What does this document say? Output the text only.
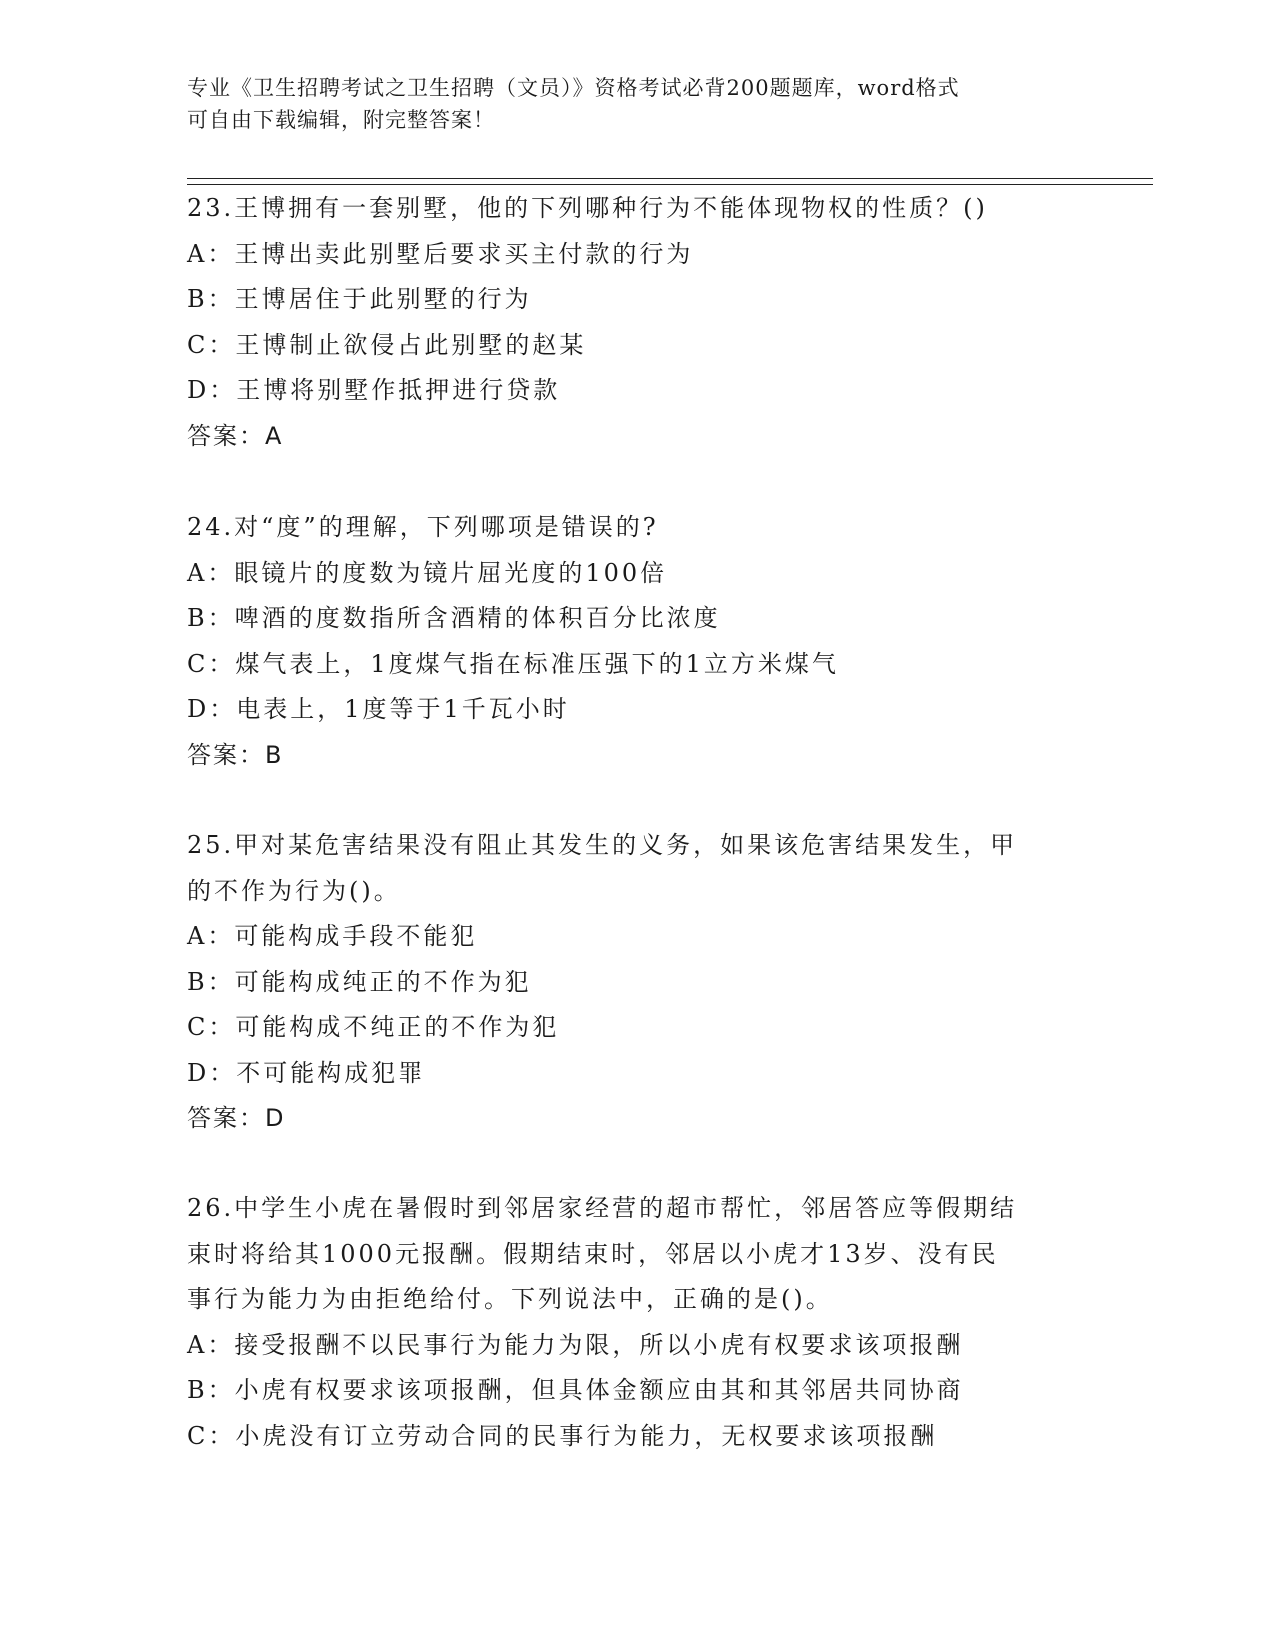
专业《卫生招聘考试之卫生招聘（文员）》资格考试必背200题题库，word格式
可自由下载编辑，附完整答案！
23.王博拥有一套别墅，他的下列哪种行为不能体现物权的性质？()
A：王博出卖此别墅后要求买主付款的行为
B：王博居住于此别墅的行为
C：王博制止欲侵占此别墅的赵某
D：王博将别墅作抵押进行贷款
答案：A
24.对“度”的理解，下列哪项是错误的?
A：眼镜片的度数为镜片屈光度的100倍
B：啤酒的度数指所含酒精的体积百分比浓度
C：煤气表上，1度煤气指在标准压强下的1立方米煤气
D：电表上，1度等于1千瓦小时
答案：B
25.甲对某危害结果没有阻止其发生的义务，如果该危害结果发生，甲
的不作为行为()。
A：可能构成手段不能犯
B：可能构成纯正的不作为犯
C：可能构成不纯正的不作为犯
D：不可能构成犯罪
答案：D
26.中学生小虎在暑假时到邻居家经营的超市帮忙，邻居答应等假期结
束时将给其1000元报酬。假期结束时，邻居以小虎才13岁、没有民
事行为能力为由拒绝给付。下列说法中，正确的是()。
A：接受报酬不以民事行为能力为限，所以小虎有权要求该项报酬
B：小虎有权要求该项报酬，但具体金额应由其和其邻居共同协商
C：小虎没有订立劳动合同的民事行为能力，无权要求该项报酬
